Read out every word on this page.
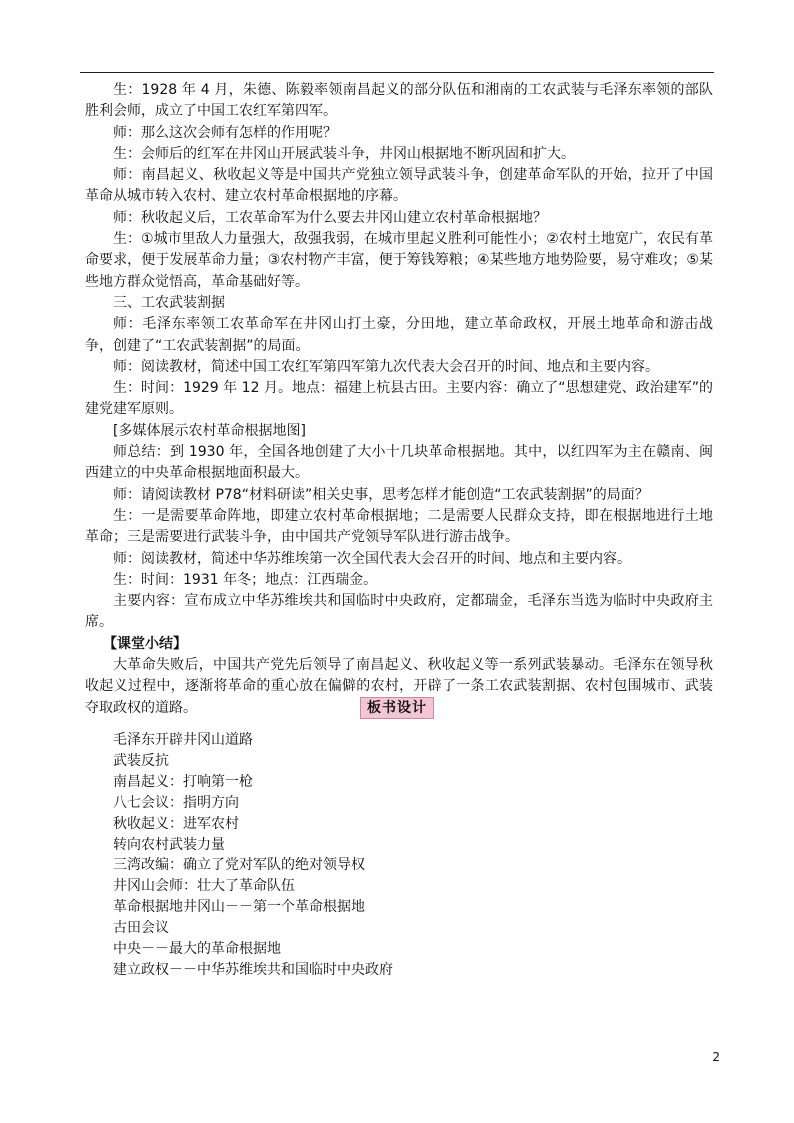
生：1928 年 4 月，朱德、陈毅率领南昌起义的部分队伍和湘南的工农武装与毛泽东率领的部队胜利会师，成立了中国工农红军第四军。

师：那么这次会师有怎样的作用呢？

生：会师后的红军在井冈山开展武装斗争，井冈山根据地不断巩固和扩大。

师：南昌起义、秋收起义等是中国共产党独立领导武装斗争，创建革命军队的开始，拉开了中国革命从城市转入农村、建立农村革命根据地的序幕。

师：秋收起义后，工农革命军为什么要去井冈山建立农村革命根据地？

生：①城市里敌人力量强大，敌强我弱，在城市里起义胜利可能性小；②农村土地宽广，农民有革命要求，便于发展革命力量；③农村物产丰富，便于筹钱筹粮；④某些地方地势险要，易守难攻；⑤某些地方群众觉悟高，革命基础好等。

三、工农武装割据

师：毛泽东率领工农革命军在井冈山打土豪，分田地，建立革命政权，开展土地革命和游击战争，创建了“工农武装割据”的局面。

师：阅读教材，简述中国工农红军第四军第九次代表大会召开的时间、地点和主要内容。

生：时间：1929 年 12 月。地点：福建上杭县古田。主要内容：确立了“思想建党、政治建军”的建党建军原则。

[多媒体展示农村革命根据地图]

师总结：到 1930 年，全国各地创建了大小十几块革命根据地。其中，以红四军为主在赣南、闽西建立的中央革命根据地面积最大。

师：请阅读教材 P78“材料研读”相关史事，思考怎样才能创造“工农武装割据”的局面？

生：一是需要革命阵地，即建立农村革命根据地；二是需要人民群众支持，即在根据地进行土地革命；三是需要进行武装斗争，由中国共产党领导军队进行游击战争。

师：阅读教材，简述中华苏维埃第一次全国代表大会召开的时间、地点和主要内容。

生：时间：1931 年冬；地点：江西瑞金。

主要内容：宣布成立中华苏维埃共和国临时中央政府，定都瑞金，毛泽东当选为临时中央政府主席。

【课堂小结】

大革命失败后，中国共产党先后领导了南昌起义、秋收起义等一系列武装暴动。毛泽东在领导秋收起义过程中，逐渐将革命的重心放在偏僻的农村，开辟了一条工农武装割据、农村包围城市、武装夺取政权的道路。	板书设计
毛泽东开辟井冈山道路
武装反抗
南昌起义：打响第一枪
八七会议：指明方向
秋收起义：进军农村
转向农村武装力量
三湾改编：确立了党对军队的绝对领导权
井冈山会师：壮大了革命队伍
革命根据地井冈山－－第一个革命根据地
古田会议
中央－－最大的革命根据地
建立政权－－中华苏维埃共和国临时中央政府
2
